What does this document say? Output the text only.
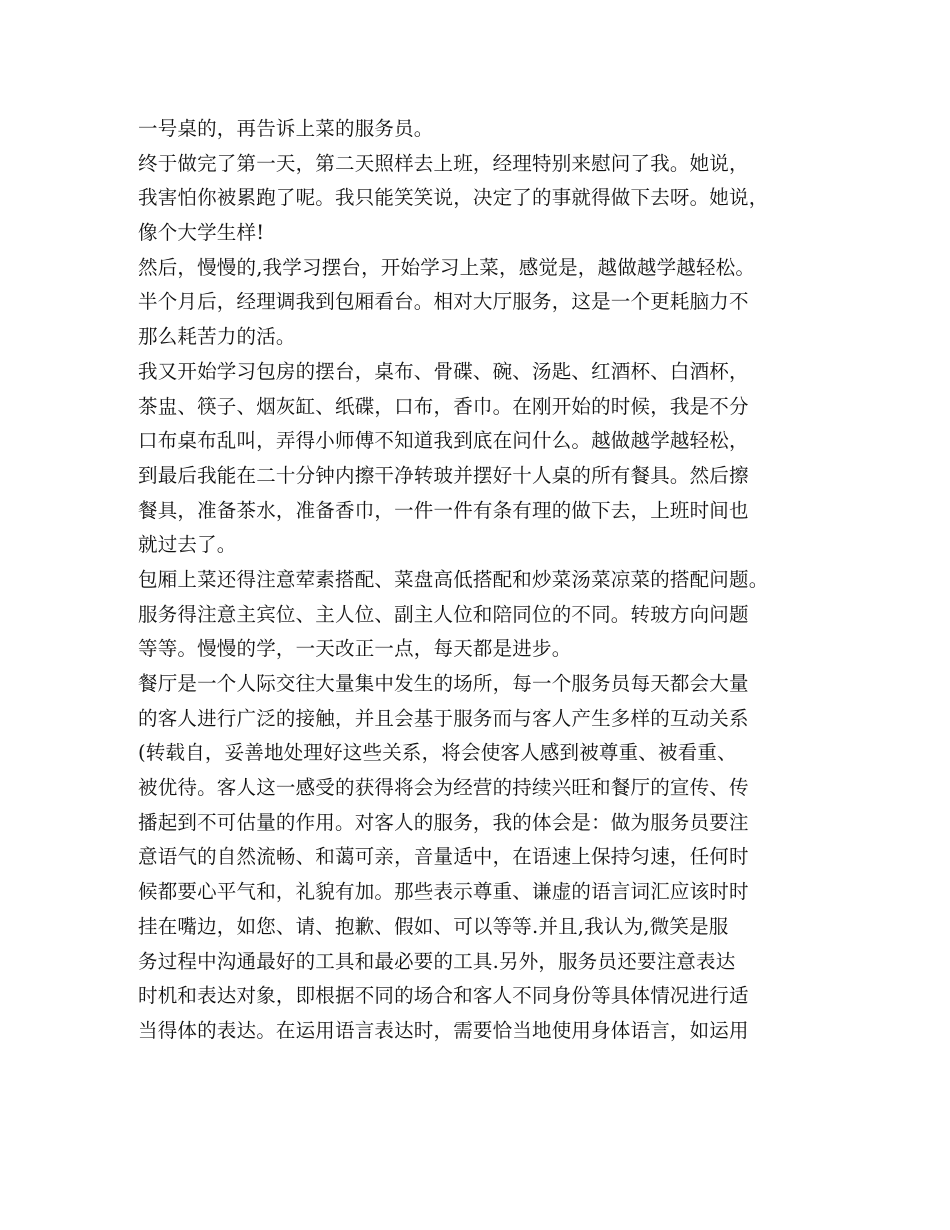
一号桌的，再告诉上菜的服务员。
终于做完了第一天，第二天照样去上班，经理特别来慰问了我。她说，
我害怕你被累跑了呢。我只能笑笑说，决定了的事就得做下去呀。她说，
像个大学生样!
然后，慢慢的,我学习摆台，开始学习上菜，感觉是，越做越学越轻松。
半个月后，经理调我到包厢看台。相对大厅服务，这是一个更耗脑力不
那么耗苦力的活。
我又开始学习包房的摆台，桌布、骨碟、碗、汤匙、红酒杯、白酒杯，
茶盅、筷子、烟灰缸、纸碟，口布，香巾。在刚开始的时候，我是不分
口布桌布乱叫，弄得小师傅不知道我到底在问什么。越做越学越轻松，
到最后我能在二十分钟内擦干净转玻并摆好十人桌的所有餐具。然后擦
餐具，准备茶水，准备香巾，一件一件有条有理的做下去，上班时间也
就过去了。
包厢上菜还得注意荤素搭配、菜盘高低搭配和炒菜汤菜凉菜的搭配问题。
服务得注意主宾位、主人位、副主人位和陪同位的不同。转玻方向问题
等等。慢慢的学，一天改正一点，每天都是进步。
餐厅是一个人际交往大量集中发生的场所，每一个服务员每天都会大量
的客人进行广泛的接触，并且会基于服务而与客人产生多样的互动关系
(转载自，妥善地处理好这些关系，将会使客人感到被尊重、被看重、
被优待。客人这一感受的获得将会为经营的持续兴旺和餐厅的宣传、传
播起到不可估量的作用。对客人的服务，我的体会是：做为服务员要注
意语气的自然流畅、和蔼可亲，音量适中，在语速上保持匀速，任何时
候都要心平气和，礼貌有加。那些表示尊重、谦虚的语言词汇应该时时
挂在嘴边，如您、请、抱歉、假如、可以等等.并且,我认为,微笑是服
务过程中沟通最好的工具和最必要的工具.另外，服务员还要注意表达
时机和表达对象，即根据不同的场合和客人不同身份等具体情况进行适
当得体的表达。在运用语言表达时，需要恰当地使用身体语言，如运用
